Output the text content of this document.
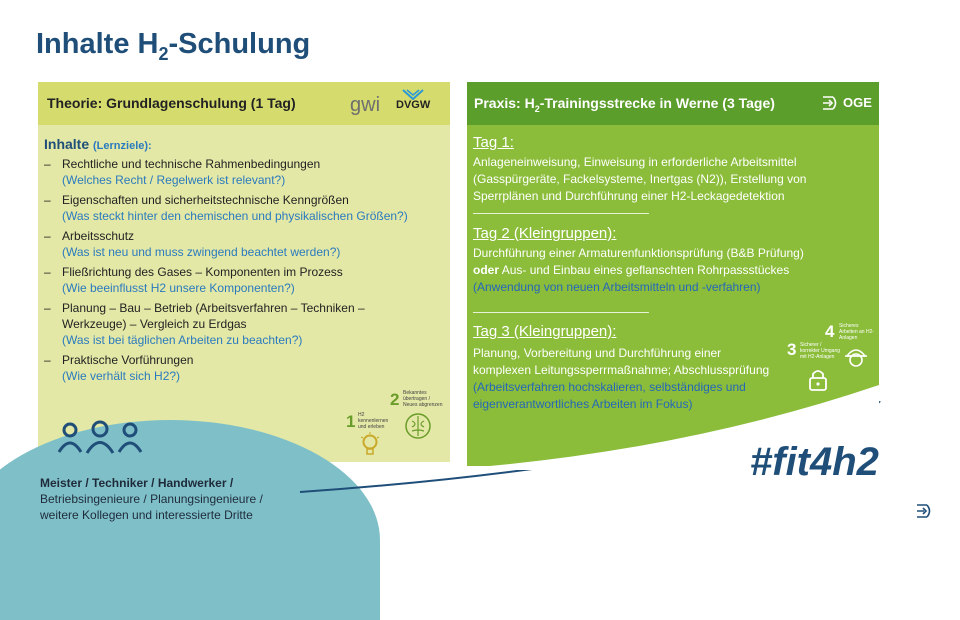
Inhalte $H_2$-Schulung
Theorie: Grundlagenschulung (1 Tag)	gwi DVGW
Inhalte (Lernziele):
– Rechtliche und technische Rahmenbedingungen
(Welches Recht / Regelwerk ist relevant?)
– Eigenschaften und sicherheitstechnische Kenngrößen
(Was steckt hinter den chemischen und physikalischen Größen?)
– Arbeitsschutz
(Was ist neu und muss zwingend beachtet werden?)
– Fließrichtung des Gases – Komponenten im Prozess
(Wie beeinflusst H2 unsere Komponenten?)
– Planung – Bau – Betrieb (Arbeitsverfahren – Techniken – Werkzeuge) – Vergleich zu Erdgas
(Was ist bei täglichen Arbeiten zu beachten?)
– Praktische Vorführungen
(Wie verhält sich H2?)
1 H2 kennenlernen und erleben
2 Bekanntes übertragen / Neues abgrenzen
Praxis: $H_2$-Trainingsstrecke in Werne (3 Tage)	OGE
Tag 1:
Anlageneinweisung, Einweisung in erforderliche Arbeitsmittel
(Gasspürgeräte, Fackelsysteme, Inertgas (N2)), Erstellung von
Sperrplänen und Durchführung einer H2-Leckagedetektion
Tag 2 (Kleingruppen):
Durchführung einer Armaturenfunktionsprüfung (B&B Prüfung)
oder Aus- und Einbau eines geflanschten Rohrpassstückes
(Anwendung von neuen Arbeitsmitteln und -verfahren)
Tag 3 (Kleingruppen):
Planung, Vorbereitung und Durchführung einer
komplexen Leitungssperrmaßnahme; Abschlussprüfung
(Arbeitsverfahren hochskalieren, selbständiges und
eigenverantwortliches Arbeiten im Fokus)
3 Sicherer / korrekter Umgang mit H2-Anlagen
4 Sicheres Arbeiten an H2-Anlagen
Meister / Techniker / Handwerker /
Betriebsingenieure / Planungsingenieure /
weitere Kollegen und interessierte Dritte
#fit4h2
